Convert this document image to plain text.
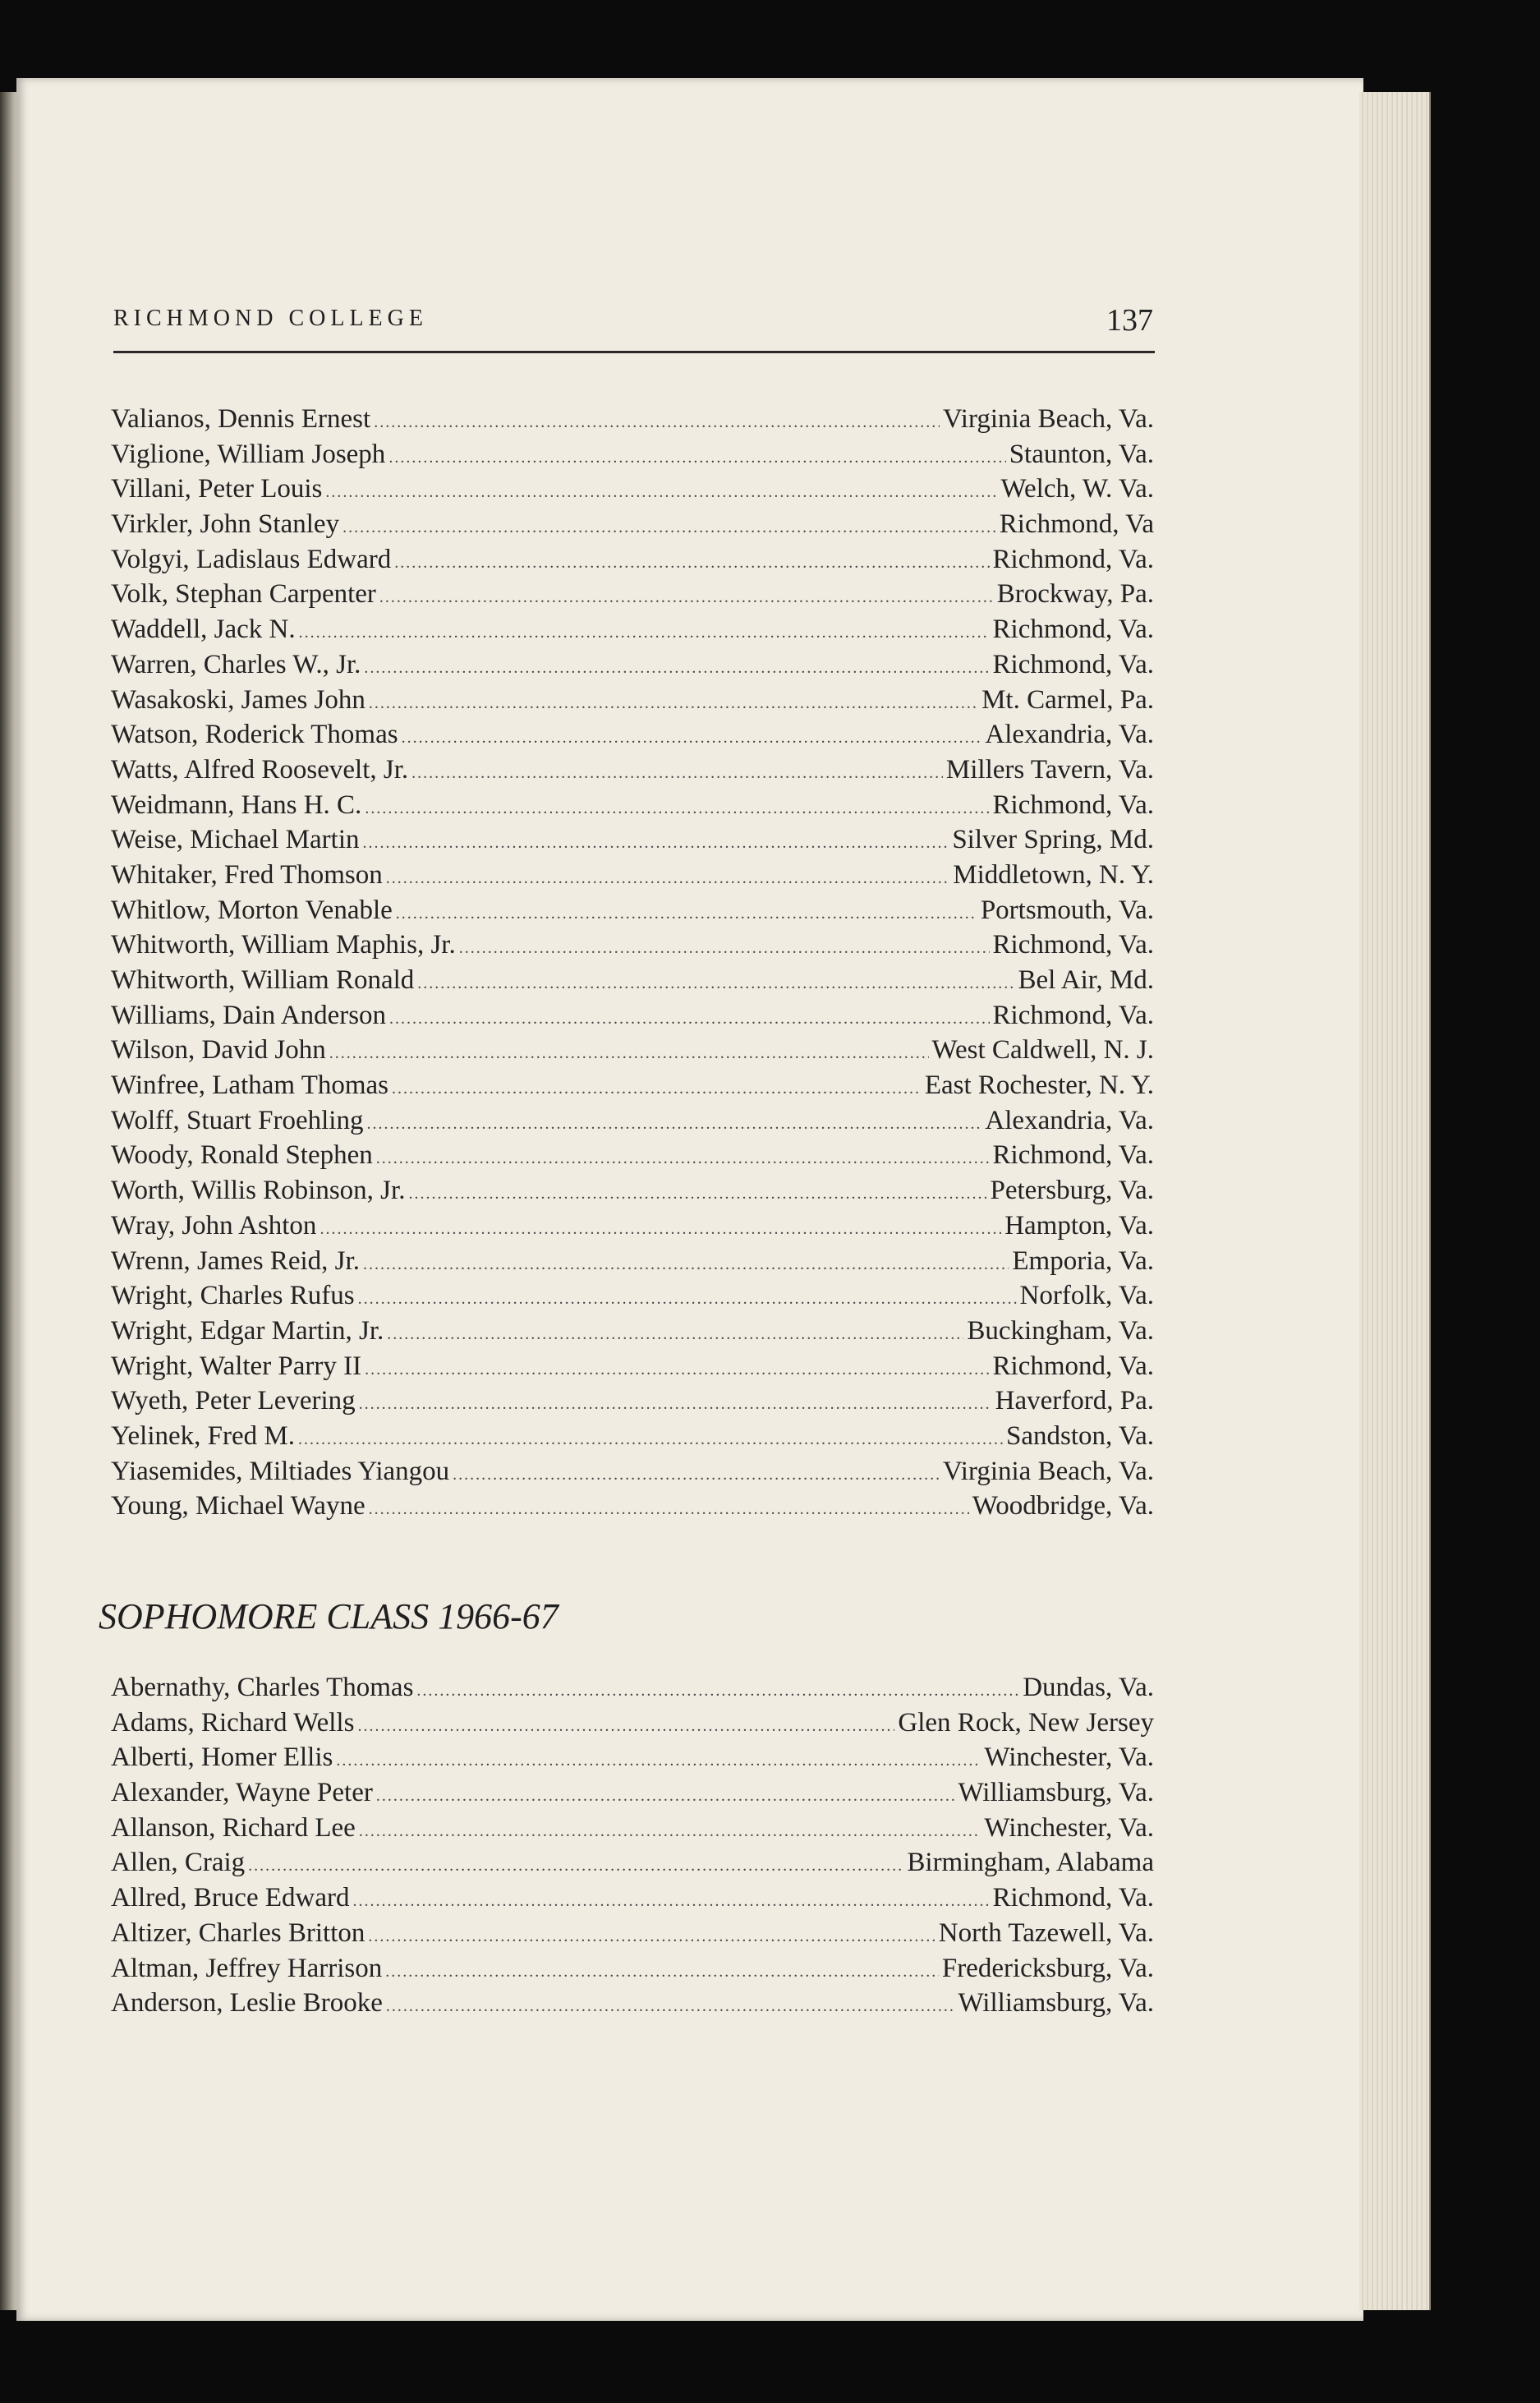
RICHMOND COLLEGE	137
Valianos, Dennis Ernest .....	Virginia Beach, Va.
Viglione, William Joseph .....	Staunton, Va.
Villani, Peter Louis .....	Welch, W. Va.
Virkler, John Stanley .....	Richmond, Va
Volgyi, Ladislaus Edward .....	Richmond, Va.
Volk, Stephan Carpenter .....	Brockway, Pa.
Waddell, Jack N. .....	Richmond, Va.
Warren, Charles W., Jr. .....	Richmond, Va.
Wasakoski, James John .....	Mt. Carmel, Pa.
Watson, Roderick Thomas .....	Alexandria, Va.
Watts, Alfred Roosevelt, Jr. .....	Millers Tavern, Va.
Weidmann, Hans H. C. .....	Richmond, Va.
Weise, Michael Martin .....	Silver Spring, Md.
Whitaker, Fred Thomson .....	Middletown, N. Y.
Whitlow, Morton Venable .....	Portsmouth, Va.
Whitworth, William Maphis, Jr. .....	Richmond, Va.
Whitworth, William Ronald .....	Bel Air, Md.
Williams, Dain Anderson .....	Richmond, Va.
Wilson, David John .....	West Caldwell, N. J.
Winfree, Latham Thomas .....	East Rochester, N. Y.
Wolff, Stuart Froehling .....	Alexandria, Va.
Woody, Ronald Stephen .....	Richmond, Va.
Worth, Willis Robinson, Jr. .....	Petersburg, Va.
Wray, John Ashton .....	Hampton, Va.
Wrenn, James Reid, Jr. .....	Emporia, Va.
Wright, Charles Rufus .....	Norfolk, Va.
Wright, Edgar Martin, Jr. .....	Buckingham, Va.
Wright, Walter Parry II .....	Richmond, Va.
Wyeth, Peter Levering .....	Haverford, Pa.
Yelinek, Fred M. .....	Sandston, Va.
Yiasemides, Miltiades Yiangou .....	Virginia Beach, Va.
Young, Michael Wayne .....	Woodbridge, Va.
SOPHOMORE CLASS 1966-67
Abernathy, Charles Thomas .....	Dundas, Va.
Adams, Richard Wells .....	Glen Rock, New Jersey
Alberti, Homer Ellis .....	Winchester, Va.
Alexander, Wayne Peter .....	Williamsburg, Va.
Allanson, Richard Lee .....	Winchester, Va.
Allen, Craig .....	Birmingham, Alabama
Allred, Bruce Edward .....	Richmond, Va.
Altizer, Charles Britton .....	North Tazewell, Va.
Altman, Jeffrey Harrison .....	Fredericksburg, Va.
Anderson, Leslie Brooke .....	Williamsburg, Va.
